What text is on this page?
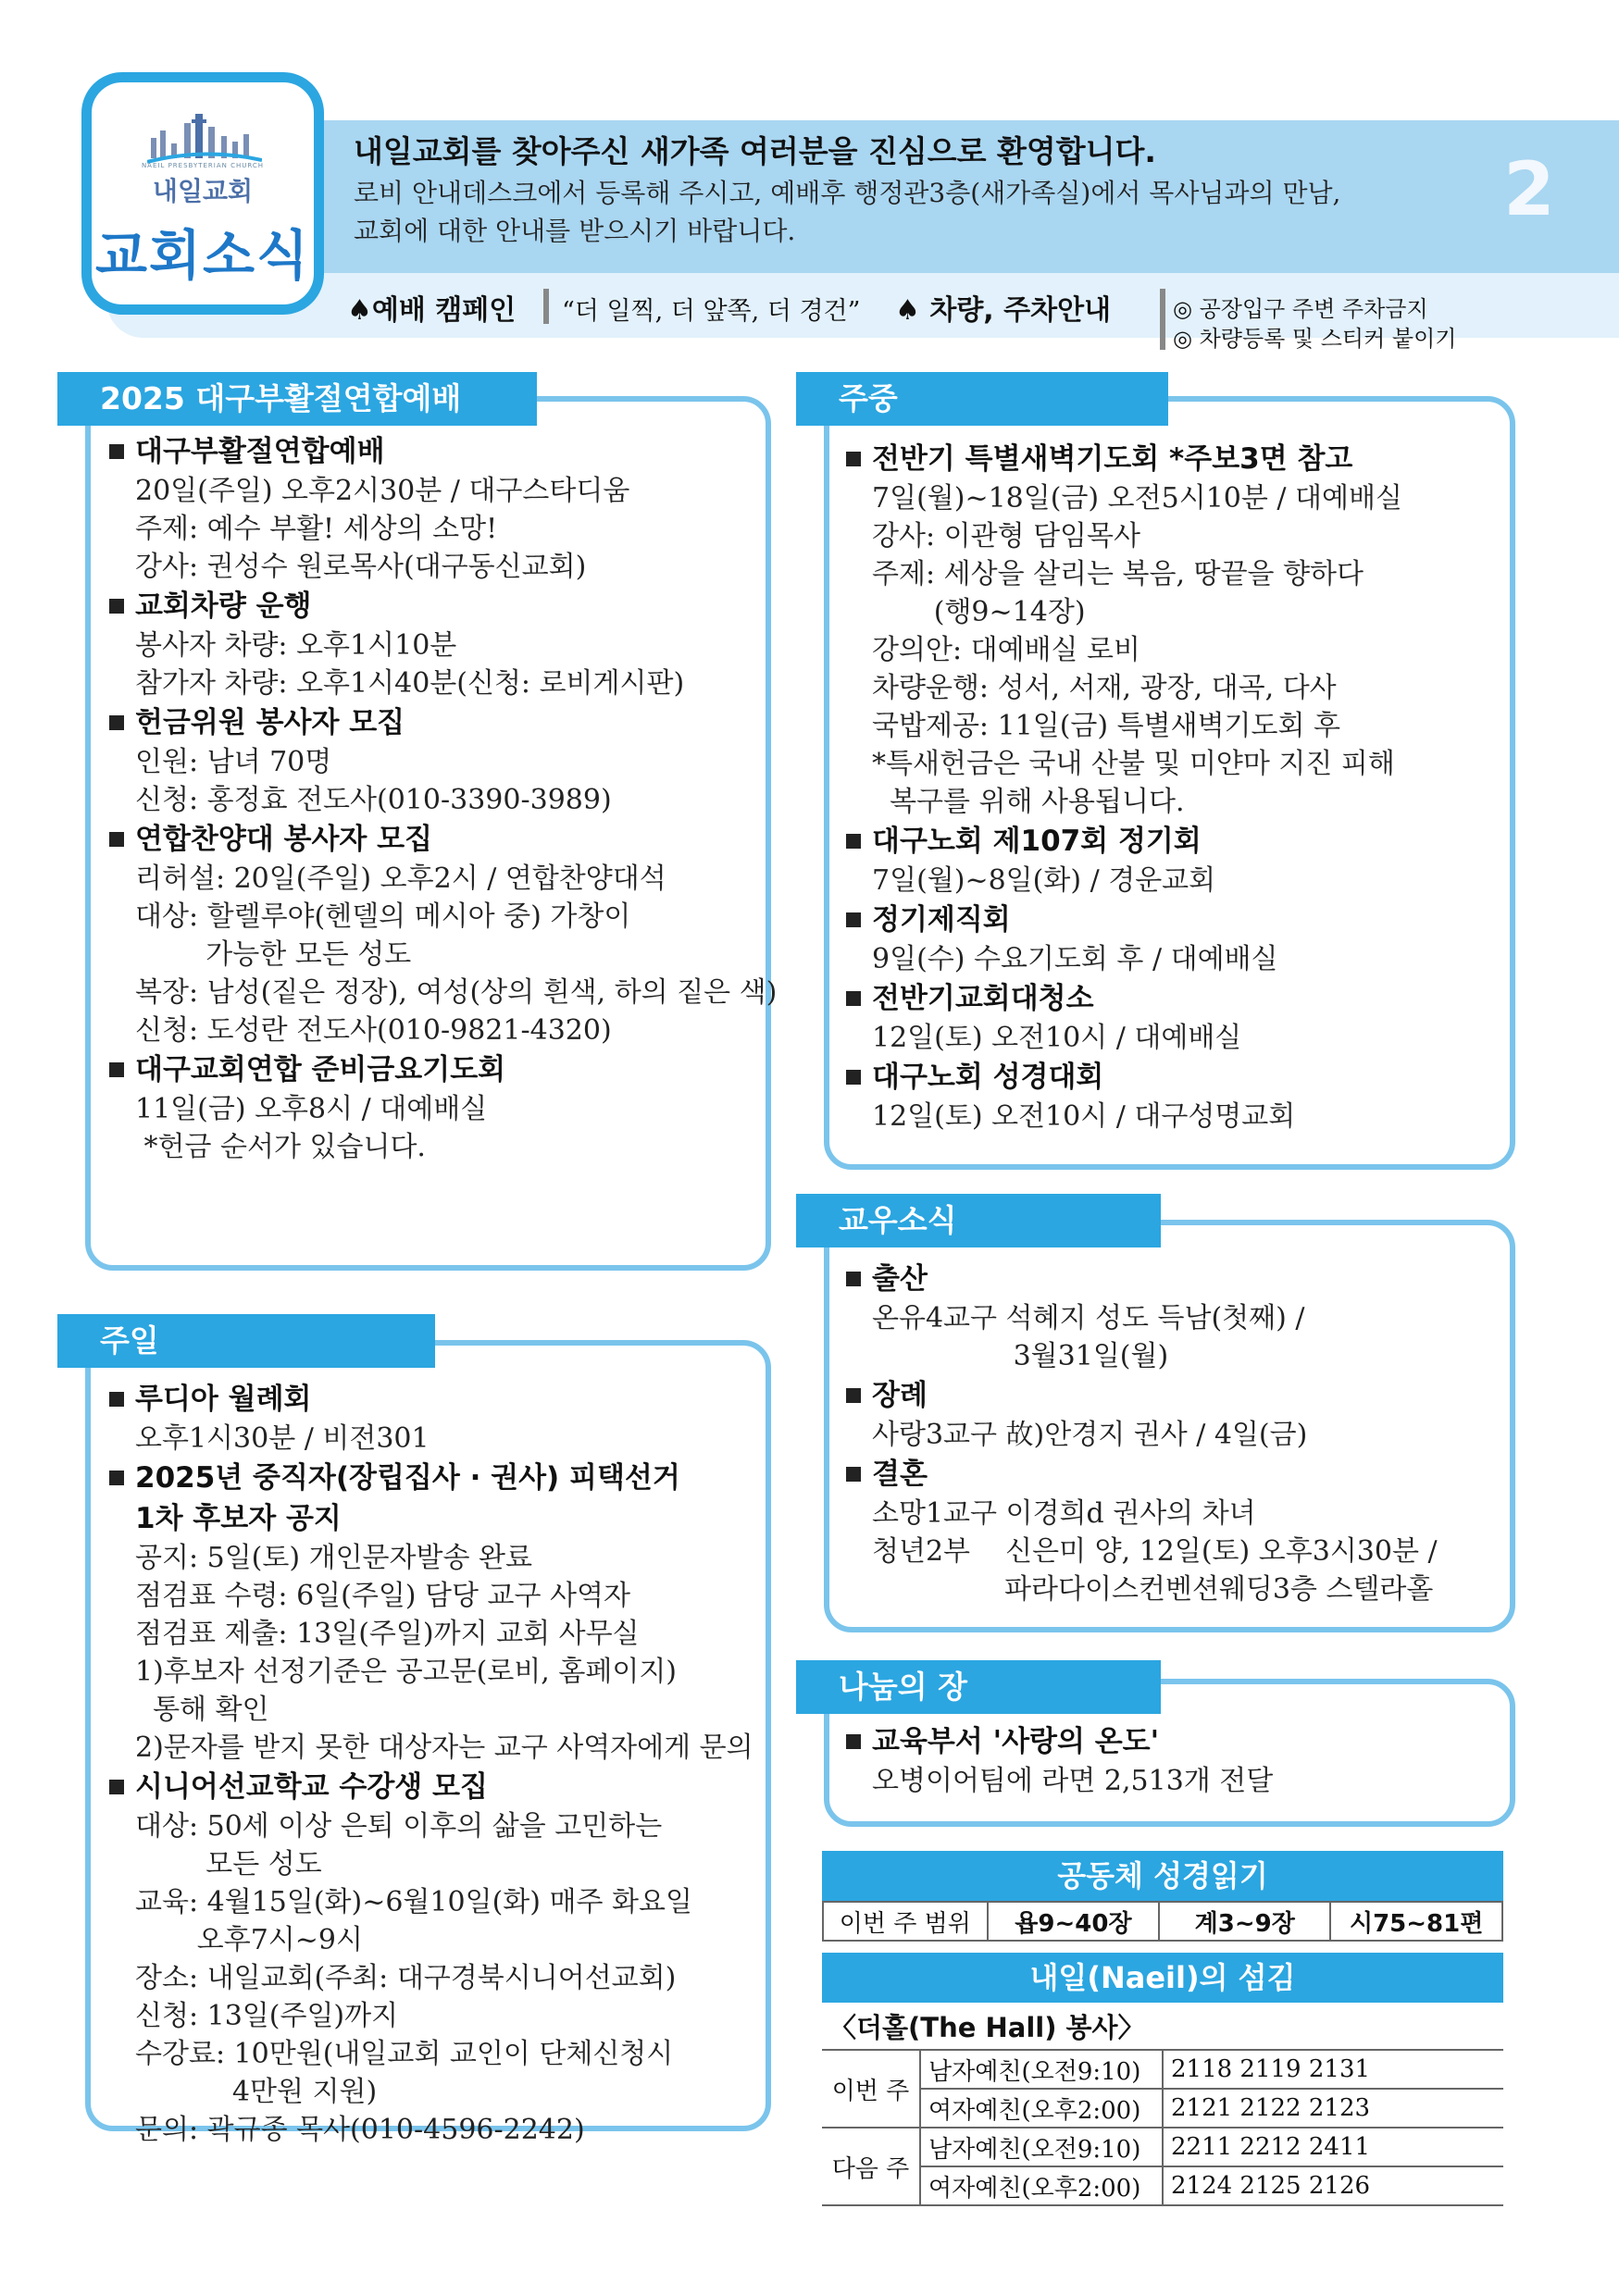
NAEIL PRESBYTERIAN CHURCH
내일교회
교회소식
내일교회를 찾아주신 새가족 여러분을 진심으로 환영합니다.
로비 안내데스크에서 등록해 주시고, 예배후 행정관3층(새가족실)에서 목사님과의 만남,
교회에 대한 안내를 받으시기 바랍니다.	2
♠예배 캠페인 “더 일찍, 더 앞쪽, 더 경건” ♠ 차량, 주차안내	◎ 공장입구 주변 주차금지
◎ 차량등록 및 스티커 붙이기
2025 대구부활절연합예배
대구부활절연합예배
20일(주일) 오후2시30분 / 대구스타디움
주제: 예수 부활! 세상의 소망!
강사: 권성수 원로목사(대구동신교회)
교회차량 운행
봉사자 차량: 오후1시10분
참가자 차량: 오후1시40분(신청: 로비게시판)
헌금위원 봉사자 모집
인원: 남녀 70명
신청: 홍정효 전도사(010-3390-3989)
연합찬양대 봉사자 모집
리허설: 20일(주일) 오후2시 / 연합찬양대석
대상: 할렐루야(헨델의 메시아 중) 가창이
가능한 모든 성도
복장: 남성(짙은 정장), 여성(상의 흰색, 하의 짙은 색)
신청: 도성란 전도사(010-9821-4320)
대구교회연합 준비금요기도회
11일(금) 오후8시 / 대예배실
*헌금 순서가 있습니다.
주일
루디아 월례회
오후1시30분 / 비전301
2025년 중직자(장립집사 · 권사) 피택선거
1차 후보자 공지
공지: 5일(토) 개인문자발송 완료
점검표 수령: 6일(주일) 담당 교구 사역자
점검표 제출: 13일(주일)까지 교회 사무실
1)후보자 선정기준은 공고문(로비, 홈페이지)
통해 확인
2)문자를 받지 못한 대상자는 교구 사역자에게 문의
시니어선교학교 수강생 모집
대상: 50세 이상 은퇴 이후의 삶을 고민하는
모든 성도
교육: 4월15일(화)~6월10일(화) 매주 화요일
오후7시~9시
장소: 내일교회(주최: 대구경북시니어선교회)
신청: 13일(주일)까지
수강료: 10만원(내일교회 교인이 단체신청시
4만원 지원)
문의: 곽규종 목사(010-4596-2242)
주중
전반기 특별새벽기도회 *주보3면 참고
7일(월)~18일(금) 오전5시10분 / 대예배실
강사: 이관형 담임목사
주제: 세상을 살리는 복음, 땅끝을 향하다
(행9~14장)
강의안: 대예배실 로비
차량운행: 성서, 서재, 광장, 대곡, 다사
국밥제공: 11일(금) 특별새벽기도회 후
*특새헌금은 국내 산불 및 미얀마 지진 피해
복구를 위해 사용됩니다.
대구노회 제107회 정기회
7일(월)~8일(화) / 경운교회
정기제직회
9일(수) 수요기도회 후 / 대예배실
전반기교회대청소
12일(토) 오전10시 / 대예배실
대구노회 성경대회
12일(토) 오전10시 / 대구성명교회
교우소식
출산
온유4교구 석혜지 성도 득남(첫째) /
3월31일(월)
장례
사랑3교구 故)안경지 권사 / 4일(금)
결혼
소망1교구 이경희d 권사의 차녀
청년2부    신은미 양, 12일(토) 오후3시30분 /
파라다이스컨벤션웨딩3층 스텔라홀
나눔의 장
교육부서 '사랑의 온도'
오병이어팀에 라면 2,513개 전달
공동체 성경읽기
이번 주 범위	욥9~40장	계3~9장	시75~81편
내일(Naeil)의 섬김
〈더홀(The Hall) 봉사〉
이번 주	남자예친(오전9:10)	2118 2119 2131
	여자예친(오후2:00)	2121 2122 2123
다음 주	남자예친(오전9:10)	2211 2212 2411
	여자예친(오후2:00)	2124 2125 2126
